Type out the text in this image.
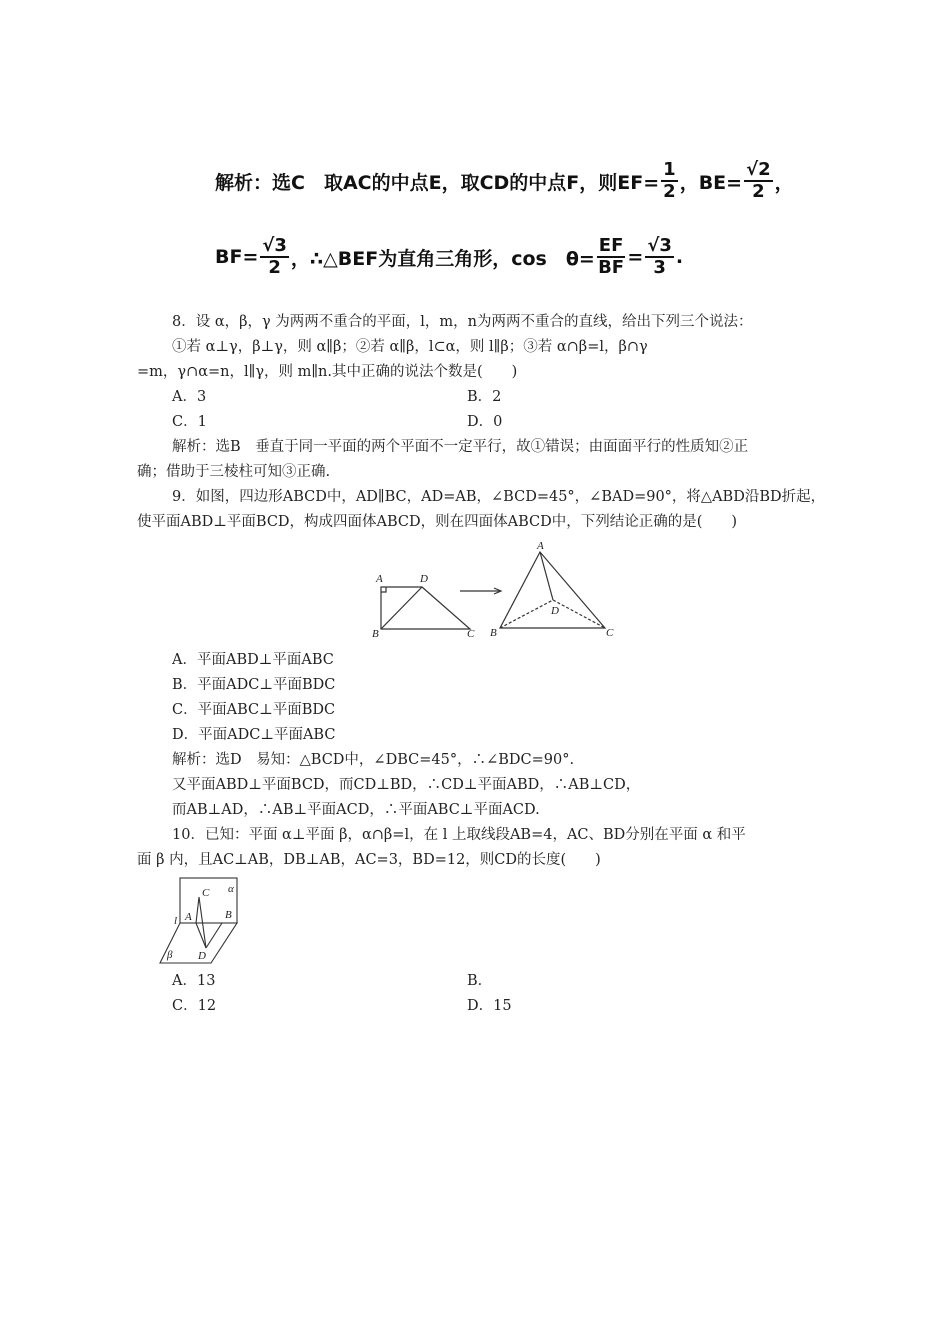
解析：选C　取AC的中点E，取CD的中点F，则$EF= \frac{1}{2}$ ，$BE= \frac{√2}{2}$ ，
$BF= \frac{√3}{2}$ ，∴△BEF为直角三角形，cos　$\theta= \frac{EF}{BF} = \frac{√3}{3}$ .
8．设 α，β，γ 为两两不重合的平面，l，m，n为两两不重合的直线，给出下列三个说法：
①若 α⊥γ，β⊥γ，则 α∥β；②若 α∥β，l⊂α，则 l∥β；③若 α∩β=l，β∩γ
=m，γ∩α=n，l∥γ，则 m∥n.其中正确的说法个数是(　　)
A．3	B．2
C．1	D．0
解析：选B　垂直于同一平面的两个平面不一定平行，故①错误；由面面平行的性质知②正
确；借助于三棱柱可知③正确.
9．如图，四边形ABCD中，AD∥BC，AD=AB，∠BCD=45°，∠BAD=90°，将△ABD沿BD折起，
使平面ABD⊥平面BCD，构成四面体ABCD，则在四面体ABCD中，下列结论正确的是(　　)
A	D
B	C
A
B	C
D
α
C
l A	B
β D
A．平面ABD⊥平面ABC
B．平面ADC⊥平面BDC
C．平面ABC⊥平面BDC
D．平面ADC⊥平面ABC
解析：选D　易知：△BCD中，∠DBC=45°，∴∠BDC=90°.
又平面ABD⊥平面BCD，而CD⊥BD，∴CD⊥平面ABD，∴AB⊥CD，
而AB⊥AD，∴AB⊥平面ACD，∴平面ABC⊥平面ACD.
10．已知：平面 α⊥平面 β，α∩β=l，在 l 上取线段AB=4，AC、BD分别在平面 α 和平
面 β 内，且AC⊥AB，DB⊥AB，AC=3，BD=12，则CD的长度(　　)
A．13	B．
C．12	D．15
